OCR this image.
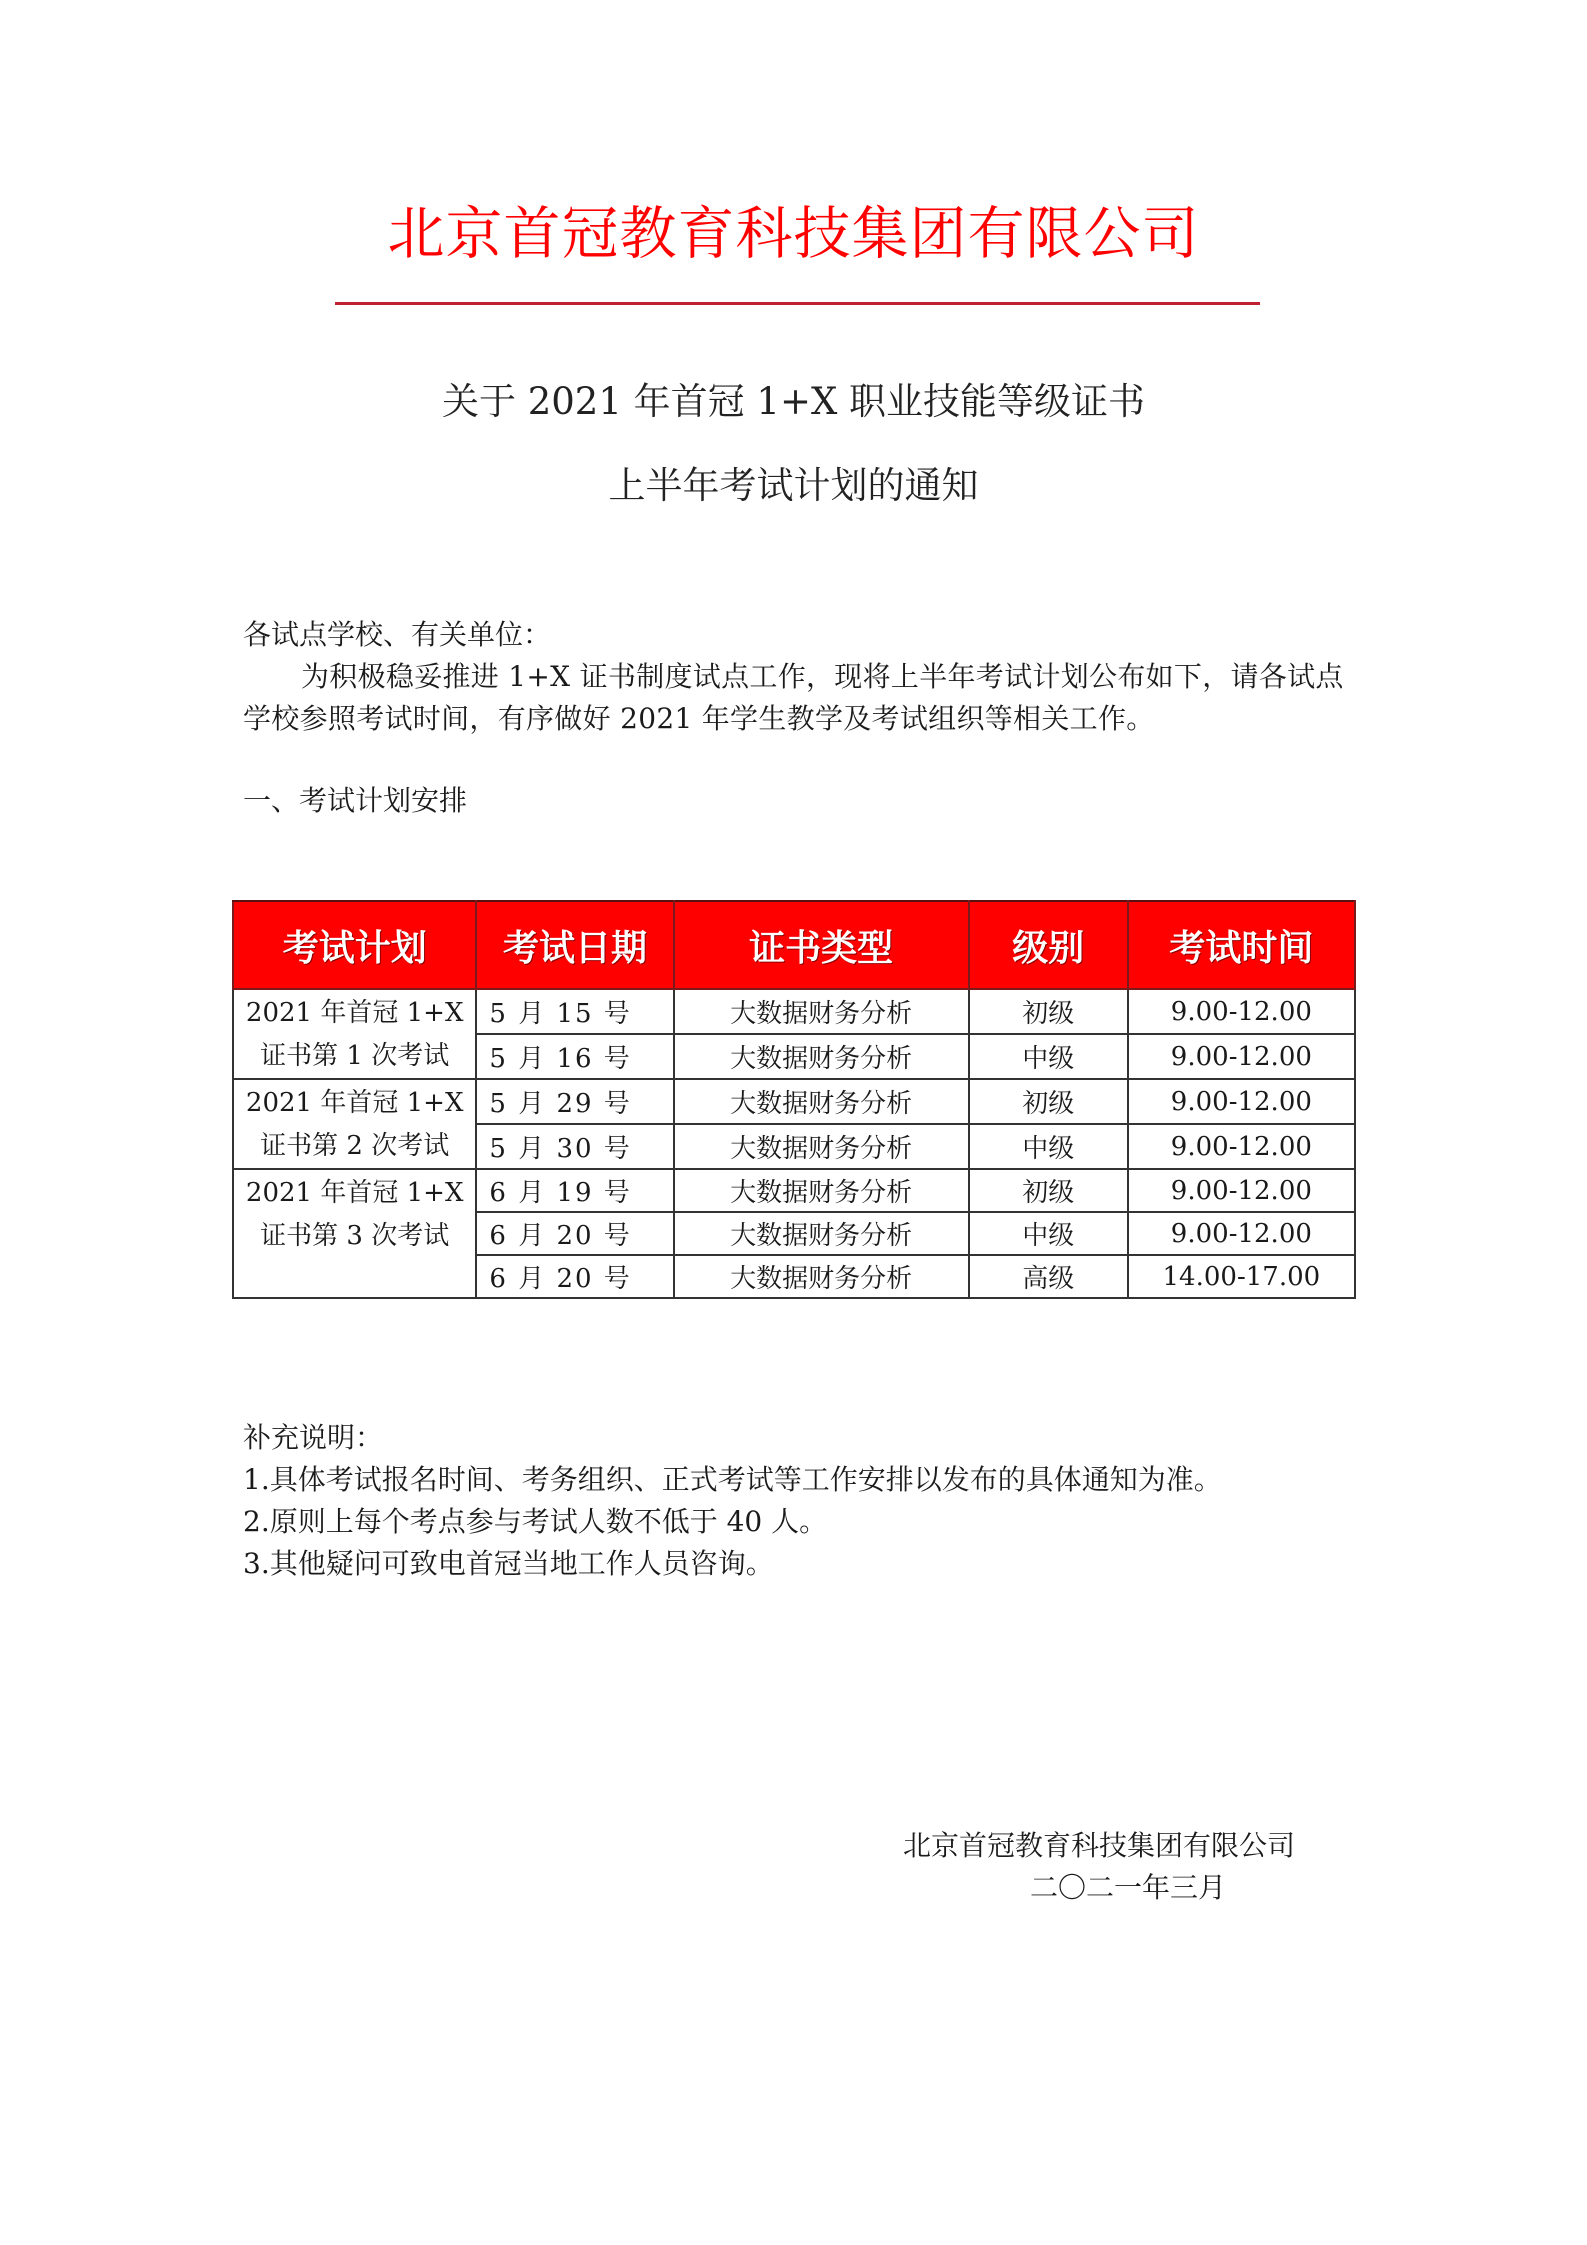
北京首冠教育科技集团有限公司
关于 2021 年首冠 1+X 职业技能等级证书
上半年考试计划的通知
各试点学校、有关单位：
为积极稳妥推进 1+X 证书制度试点工作，现将上半年考试计划公布如下，请各试点学校参照考试时间，有序做好 2021 年学生教学及考试组织等相关工作。
一、考试计划安排
考试计划	考试日期	证书类型	级别	考试时间

2021 年首冠 1+X
证书第 1 次考试	5 月 15 号	大数据财务分析	初级	9.00-12.00
	5 月 16 号	大数据财务分析	中级	9.00-12.00

2021 年首冠 1+X
证书第 2 次考试	5 月 29 号	大数据财务分析	初级	9.00-12.00
	5 月 30 号	大数据财务分析	中级	9.00-12.00

2021 年首冠 1+X
证书第 3 次考试	6 月 19 号	大数据财务分析	初级	9.00-12.00
	6 月 20 号	大数据财务分析	中级	9.00-12.00
	6 月 20 号	大数据财务分析	高级	14.00-17.00
补充说明：
1.具体考试报名时间、考务组织、正式考试等工作安排以发布的具体通知为准。
2.原则上每个考点参与考试人数不低于 40 人。
3.其他疑问可致电首冠当地工作人员咨询。
北京首冠教育科技集团有限公司
二〇二一年三月
